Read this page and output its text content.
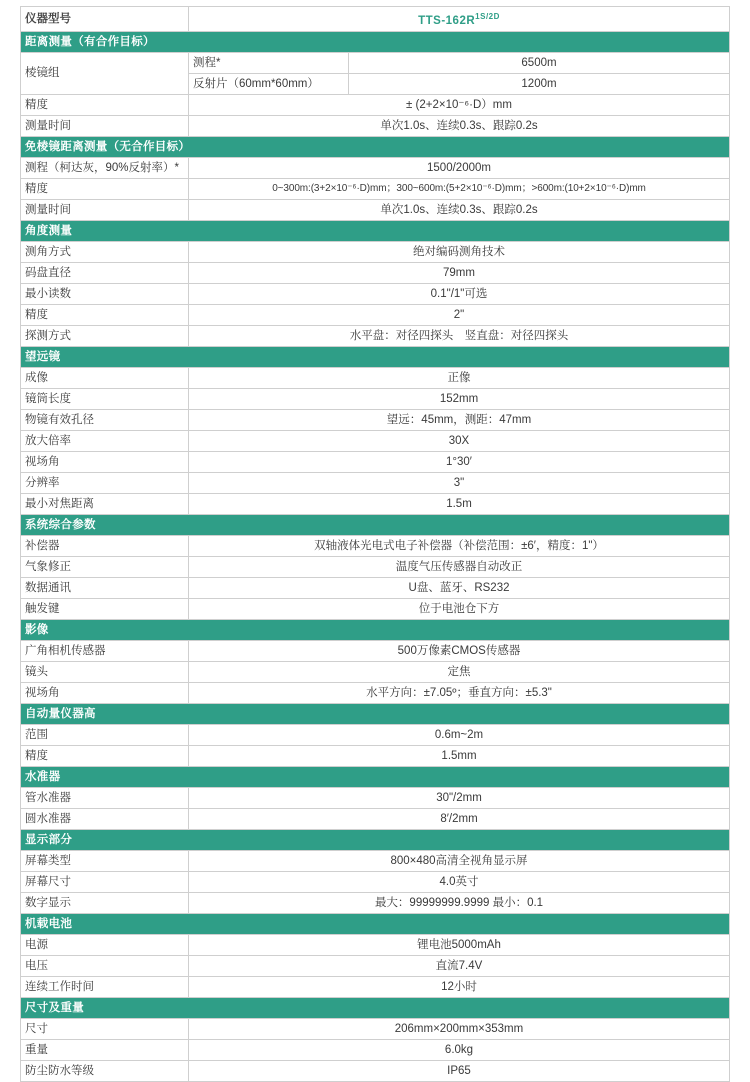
仪器型号	TTS-$162R^{1S/2D}$
距离测量（有合作目标）		
棱镜组	测程*	6500m
	反射片（60mm*60mm）	1200m
精度	± (2+2×10⁻⁶·D）mm	
测量时间	单次1.0s、连续0.3s、跟踪0.2s	
免棱镜距离测量（无合作目标）		
测程（柯达灰，90%反射率）*	1500/2000m	
精度	0~300m:(3+2×10⁻⁶·D)mm；300~600m:(5+2×10⁻⁶·D)mm；>600m:(10+2×10⁻⁶·D)mm	
测量时间	单次1.0s、连续0.3s、跟踪0.2s	
角度测量		
测角方式	绝对编码测角技术	
码盘直径	79mm	
最小读数	0.1"/1"可选	
精度	2"	
探测方式	水平盘：对径四探头　竖直盘：对径四探头	
望远镜		
成像	正像	
镜筒长度	152mm	
物镜有效孔径	望远：45mm，测距：47mm	
放大倍率	30X	
视场角	1°30′	
分辨率	3"	
最小对焦距离	1.5m	
系统综合参数		
补偿器	双轴液体光电式电子补偿器（补偿范围：±6′，精度：1"）	
气象修正	温度气压传感器自动改正	
数据通讯	U盘、蓝牙、RS232	
触发键	位于电池仓下方	
影像		
广角相机传感器	500万像素CMOS传感器	
镜头	定焦	
视场角	水平方向：±7.05º；垂直方向：±5.3"	
自动量仪器高		
范围	0.6m~2m	
精度	1.5mm	
水准器		
管水准器	30"/2mm	
圆水准器	8′/2mm	
显示部分		
屏幕类型	800×480高清全视角显示屏	
屏幕尺寸	4.0英寸	
数字显示	最大：99999999.9999 最小：0.1	
机载电池		
电源	锂电池5000mAh	
电压	直流7.4V	
连续工作时间	12小时	
尺寸及重量		
尺寸	206mm×200mm×353mm	
重量	6.0kg	
防尘防水等级	IP65	
